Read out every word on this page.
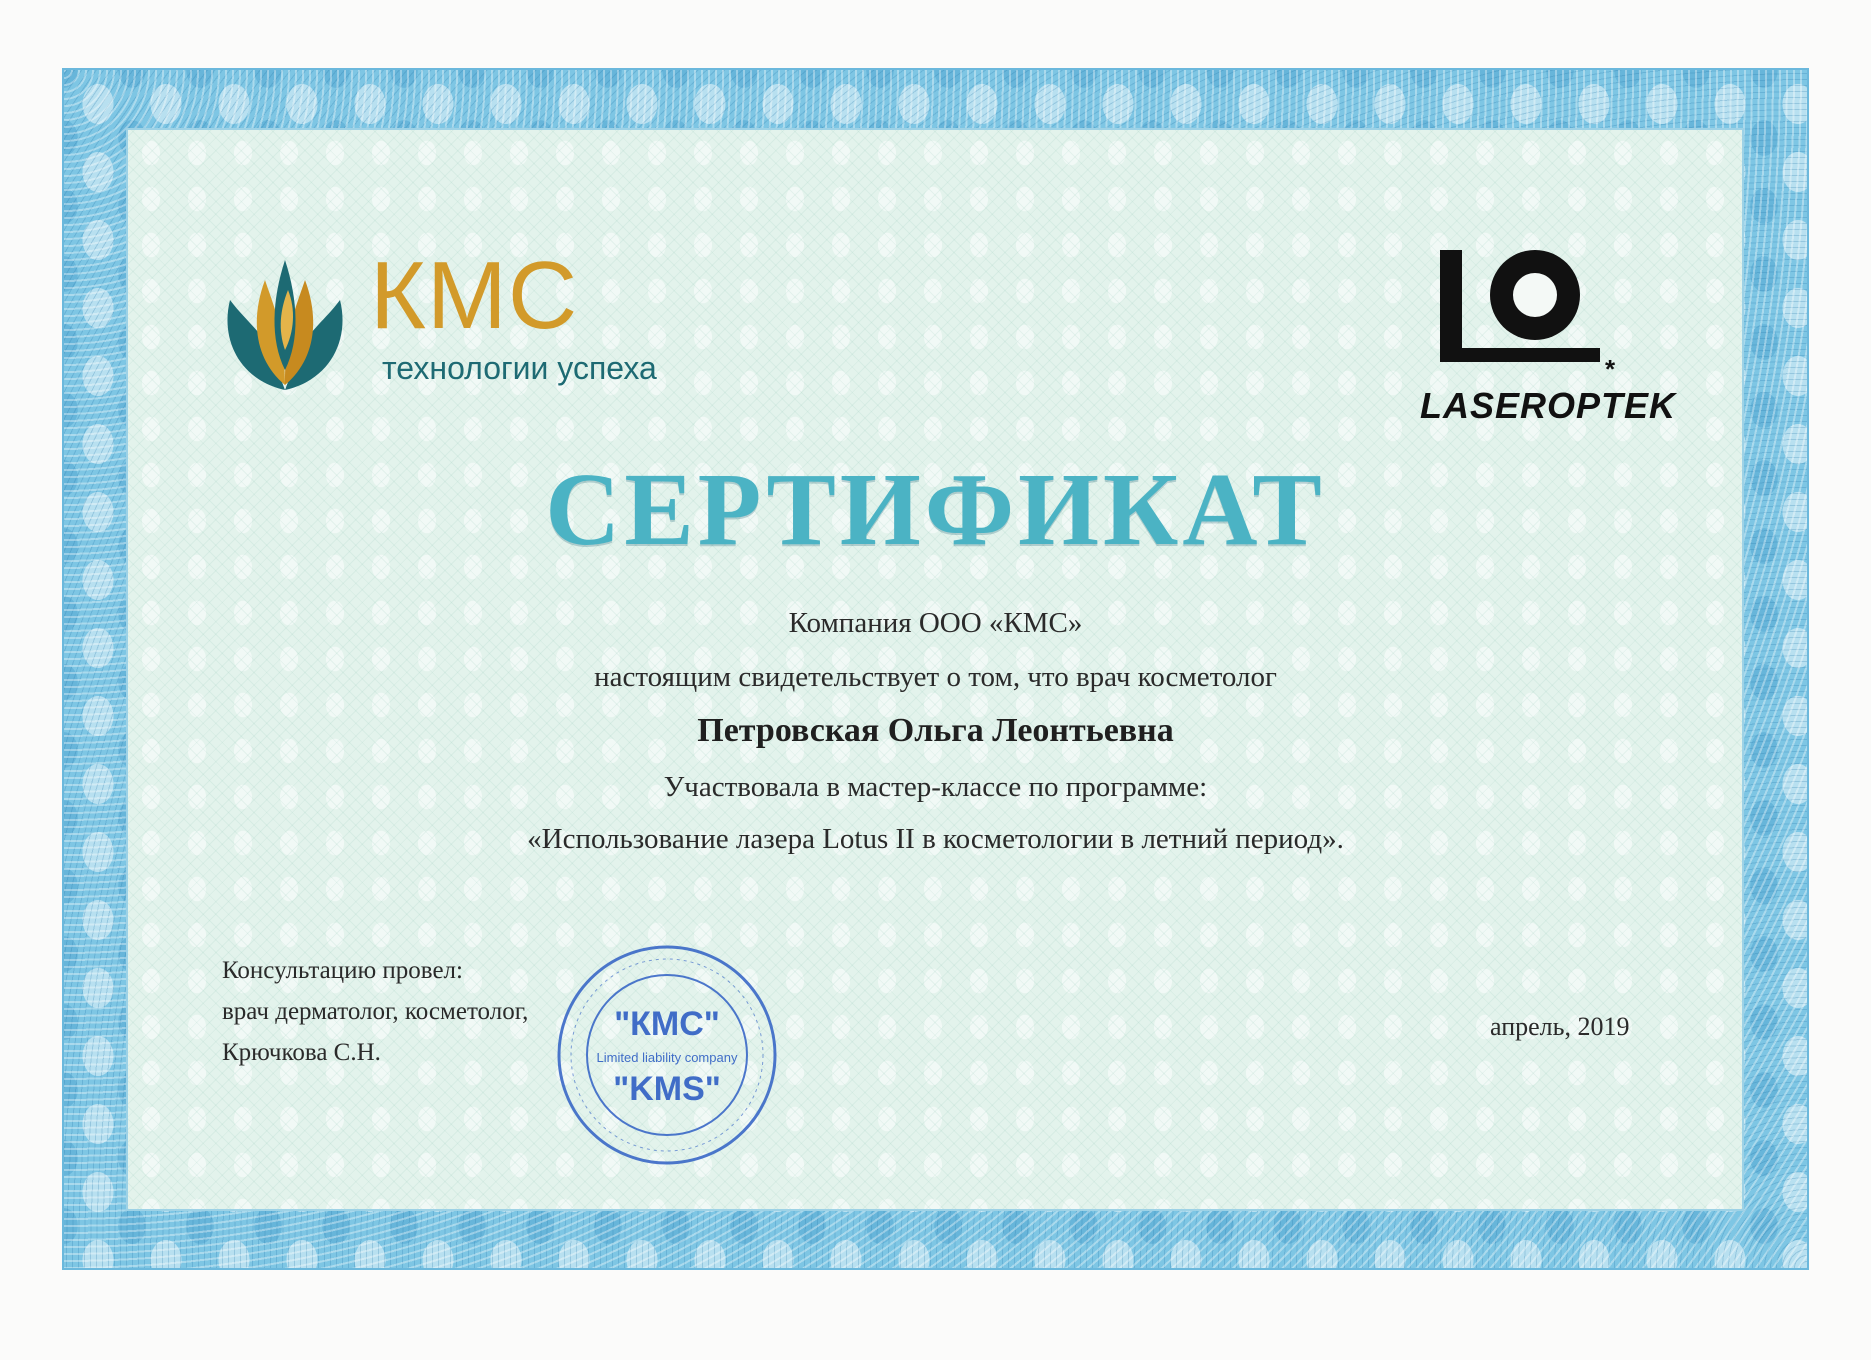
КМС
технологии успеха	*
LASEROPTEK
СЕРТИФИКАТ
Компания ООО «КМС»
настоящим свидетельствует о том, что врач косметолог
Петровская Ольга Леонтьевна
Участвовала в мастер-классе по программе:
«Использование лазера Lotus II в косметологии в летний период».
Консультацию провел:
врач дерматолог, косметолог,
Крючкова С.Н.
апрель, 2019
"КМС"
Limited liability company
"KMS"
